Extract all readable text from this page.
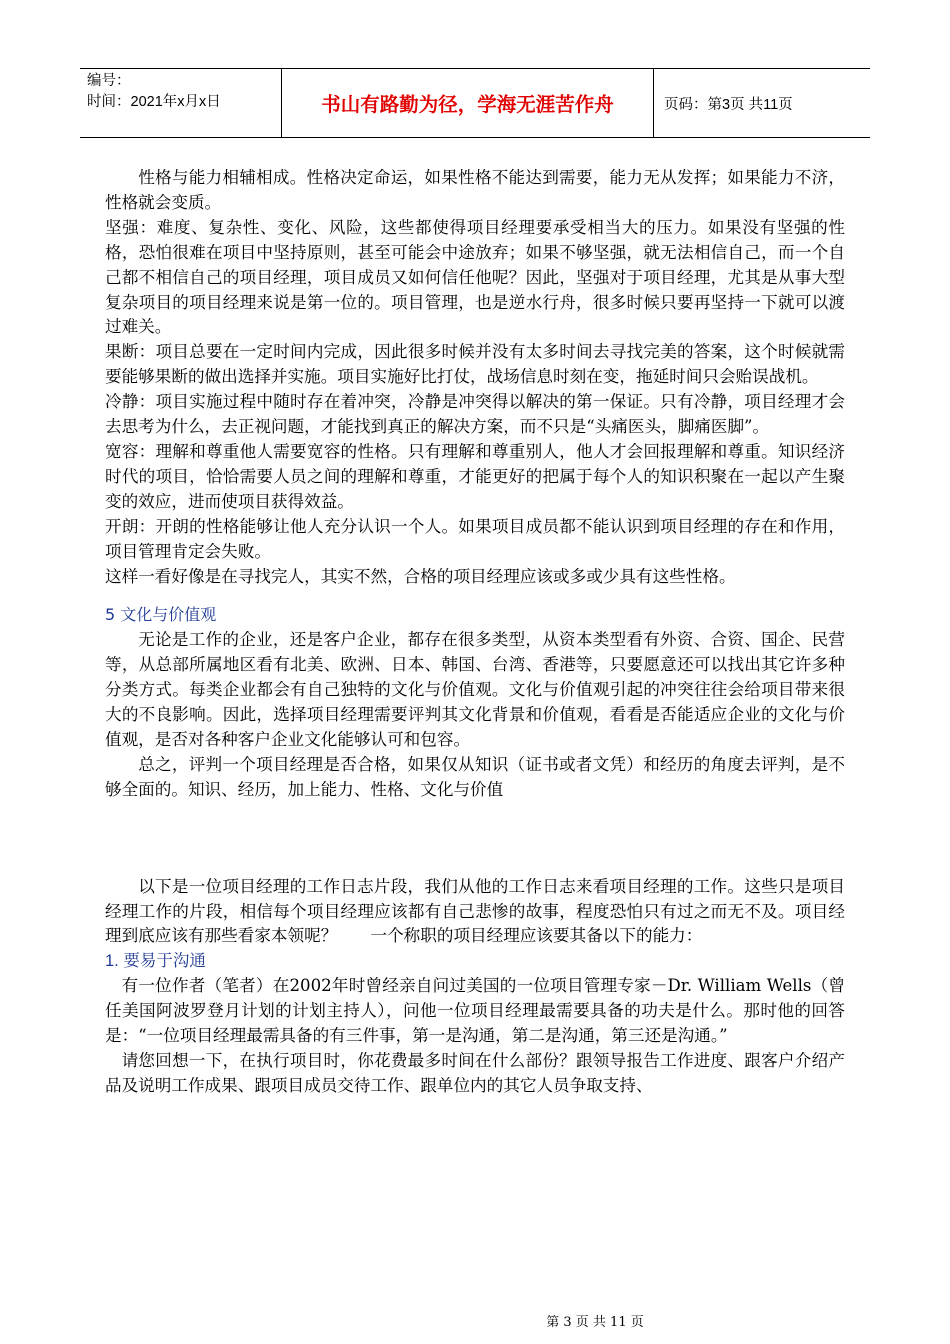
编号：
时间：2021年x月x日	书山有路勤为径，学海无涯苦作舟	页码：第3页 共11页

性格与能力相辅相成。性格决定命运，如果性格不能达到需要，能力无从发挥；如果能力不济，性格就会变质。

坚强：难度、复杂性、变化、风险，这些都使得项目经理要承受相当大的压力。如果没有坚强的性格，恐怕很难在项目中坚持原则，甚至可能会中途放弃；如果不够坚强，就无法相信自己，而一个自己都不相信自己的项目经理，项目成员又如何信任他呢？因此，坚强对于项目经理，尤其是从事大型复杂项目的项目经理来说是第一位的。项目管理，也是逆水行舟，很多时候只要再坚持一下就可以渡过难关。

果断：项目总要在一定时间内完成，因此很多时候并没有太多时间去寻找完美的答案，这个时候就需要能够果断的做出选择并实施。项目实施好比打仗，战场信息时刻在变，拖延时间只会贻误战机。

冷静：项目实施过程中随时存在着冲突，冷静是冲突得以解决的第一保证。只有冷静，项目经理才会去思考为什么，去正视问题，才能找到真正的解决方案，而不只是“头痛医头，脚痛医脚”。

宽容：理解和尊重他人需要宽容的性格。只有理解和尊重别人，他人才会回报理解和尊重。知识经济时代的项目，恰恰需要人员之间的理解和尊重，才能更好的把属于每个人的知识积聚在一起以产生聚变的效应，进而使项目获得效益。

开朗：开朗的性格能够让他人充分认识一个人。如果项目成员都不能认识到项目经理的存在和作用，项目管理肯定会失败。

这样一看好像是在寻找完人，其实不然，合格的项目经理应该或多或少具有这些性格。

5 文化与价值观

无论是工作的企业，还是客户企业，都存在很多类型，从资本类型看有外资、合资、国企、民营等，从总部所属地区看有北美、欧洲、日本、韩国、台湾、香港等，只要愿意还可以找出其它许多种分类方式。每类企业都会有自己独特的文化与价值观。文化与价值观引起的冲突往往会给项目带来很大的不良影响。因此，选择项目经理需要评判其文化背景和价值观，看看是否能适应企业的文化与价值观，是否对各种客户企业文化能够认可和包容。

总之，评判一个项目经理是否合格，如果仅从知识（证书或者文凭）和经历的角度去评判，是不够全面的。知识、经历，加上能力、性格、文化与价值

以下是一位项目经理的工作日志片段，我们从他的工作日志来看项目经理的工作。这些只是项目经理工作的片段，相信每个项目经理应该都有自己悲惨的故事，程度恐怕只有过之而无不及。项目经理到底应该有那些看家本领呢？　　一个称职的项目经理应该要其备以下的能力：

1. 要易于沟通

有一位作者（笔者）在2002年时曾经亲自问过美国的一位项目管理专家－Dr. William Wells（曾任美国阿波罗登月计划的计划主持人），问他一位项目经理最需要具备的功夫是什么。那时他的回答是：“一位项目经理最需具备的有三件事，第一是沟通，第二是沟通，第三还是沟通。”

请您回想一下，在执行项目时，你花费最多时间在什么部份？跟领导报告工作进度、跟客户介绍产品及说明工作成果、跟项目成员交待工作、跟单位内的其它人员争取支持、

第 3 页 共 11 页
